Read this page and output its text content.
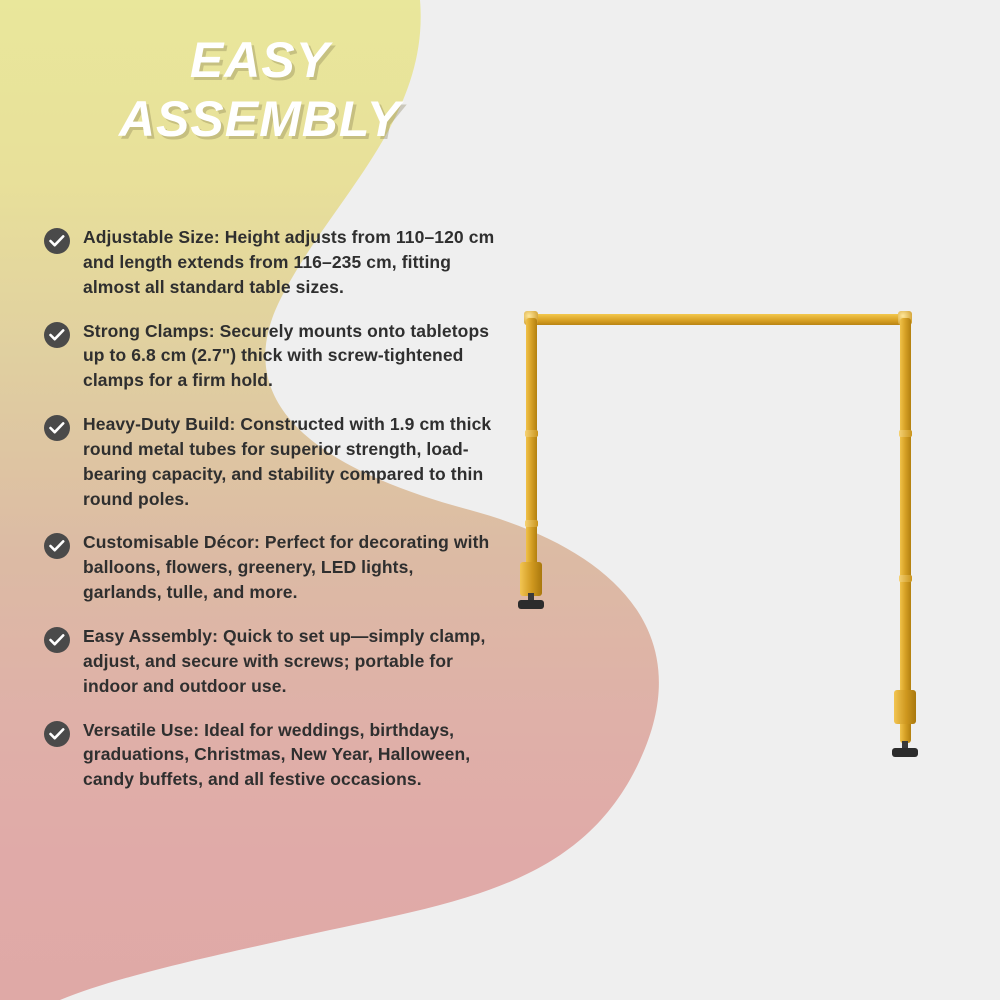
EASY
ASSEMBLY
Adjustable Size: Height adjusts from 110–120 cm and length extends from 116–235 cm, fitting almost all standard table sizes.
Strong Clamps: Securely mounts onto tabletops up to 6.8 cm (2.7") thick with screw-tightened clamps for a firm hold.
Heavy-Duty Build: Constructed with 1.9 cm thick round metal tubes for superior strength, load-bearing capacity, and stability compared to thin round poles.
Customisable Décor: Perfect for decorating with balloons, flowers, greenery, LED lights, garlands, tulle, and more.
Easy Assembly: Quick to set up—simply clamp, adjust, and secure with screws; portable for indoor and outdoor use.
Versatile Use: Ideal for weddings, birthdays, graduations, Christmas, New Year, Halloween, candy buffets, and all festive occasions.
